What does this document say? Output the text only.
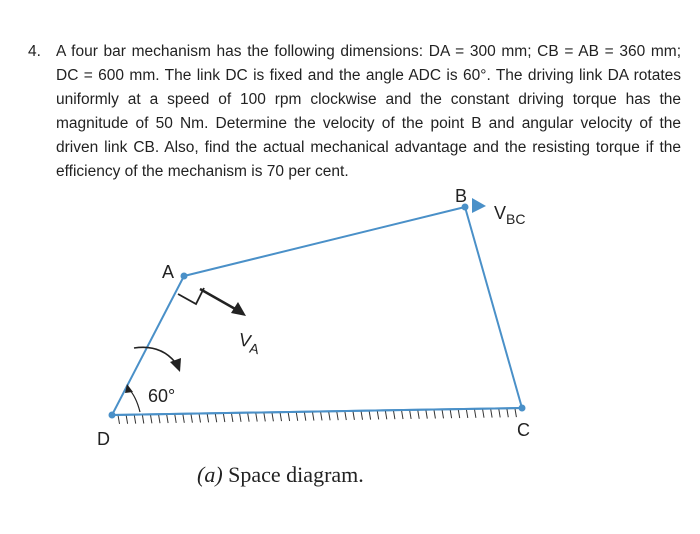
4. A four bar mechanism has the following dimensions: DA = 300 mm; CB = AB = 360 mm; DC = 600 mm. The link DC is fixed and the angle ADC is 60°. The driving link DA rotates uniformly at a speed of 100 rpm clockwise and the constant driving torque has the magnitude of 50 Nm. Determine the velocity of the point B and angular velocity of the driven link CB. Also, find the actual mechanical advantage and the resisting torque if the efficiency of the mechanism is 70 per cent.
A
B
C
D
60°
$V_A$
$V_{BC}$
(a) Space diagram.
